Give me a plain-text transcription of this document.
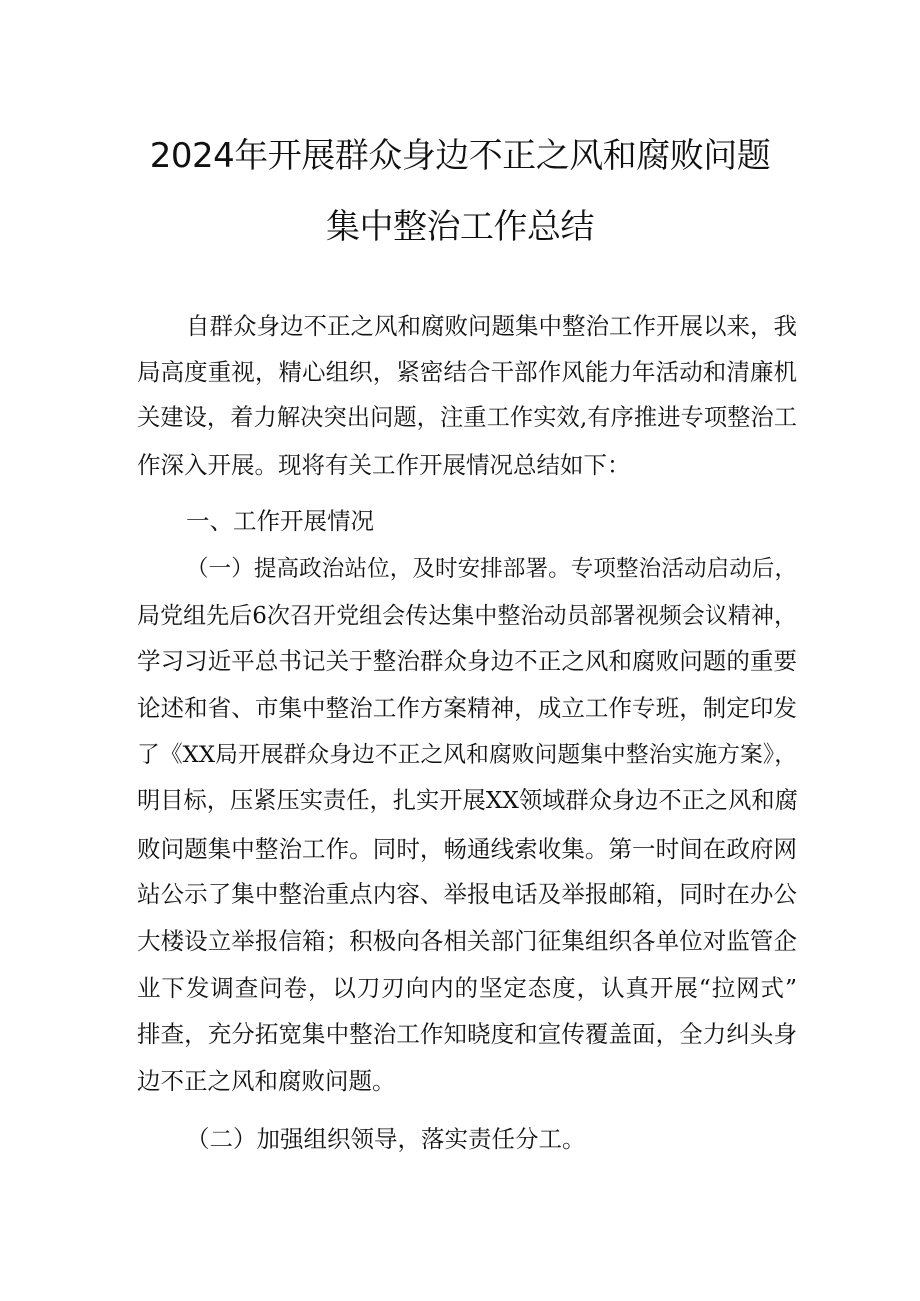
2024年开展群众身边不正之风和腐败问题
集中整治工作总结

自群众身边不正之风和腐败问题集中整治工作开展以来，我

局高度重视，精心组织，紧密结合干部作风能力年活动和清廉机

关建设，着力解决突出问题，注重工作实效,有序推进专项整治工

作深入开展。现将有关工作开展情况总结如下：

一、工作开展情况

（一）提高政治站位，及时安排部署。专项整治活动启动后，

局党组先后6次召开党组会传达集中整治动员部署视频会议精神，

学习习近平总书记关于整治群众身边不正之风和腐败问题的重要

论述和省、市集中整治工作方案精神，成立工作专班，制定印发

了《XX局开展群众身边不正之风和腐败问题集中整治实施方案》，

明目标，压紧压实责任，扎实开展XX领域群众身边不正之风和腐

败问题集中整治工作。同时，畅通线索收集。第一时间在政府网

站公示了集中整治重点内容、举报电话及举报邮箱，同时在办公

大楼设立举报信箱；积极向各相关部门征集组织各单位对监管企

业下发调查问卷，以刀刃向内的坚定态度，认真开展“拉网式”

排查，充分拓宽集中整治工作知晓度和宣传覆盖面，全力纠头身

边不正之风和腐败问题。

（二）加强组织领导，落实责任分工。
